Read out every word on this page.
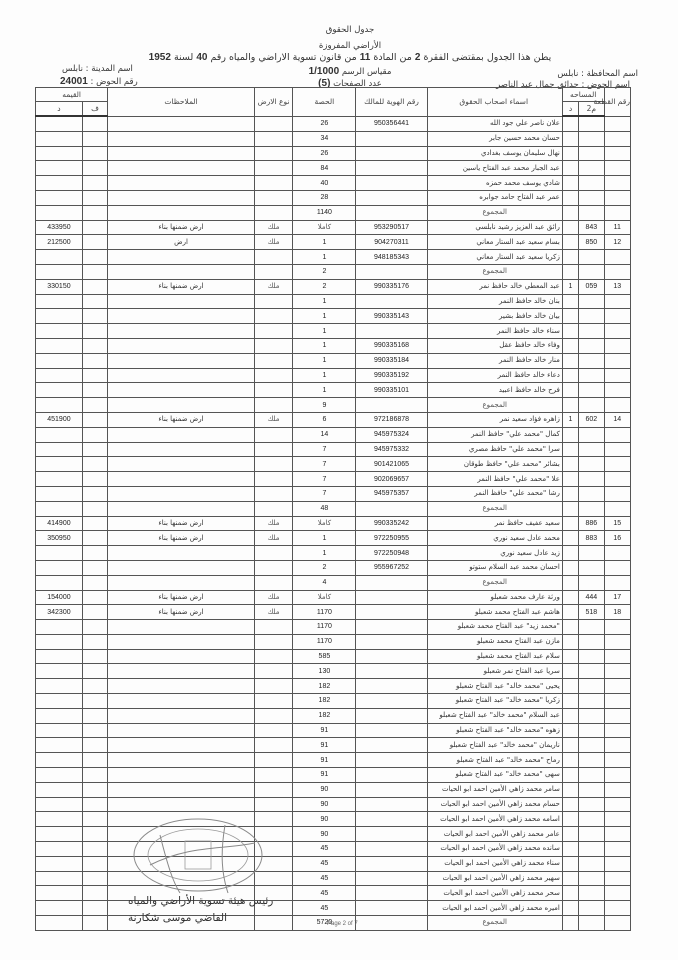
جدول الحقوق
الأراضي المفروزة
يطن هذا الجدول بمقتضى الفقرة 2 من المادة 11 من قانون تسوية الاراضي والمياه رقم 40 لسنة 1952
مقياس الرسم 1/1000
عدد الصفحات (5)
اسم المحافظة : نابلس
اسم الحوض : حدائق جمال عبد الناصر
اسم المدينة : نابلس
رقم الحوض : 24001
رقم القطعة	المساحه		اسماء اصحاب الحقوق	رقم الهوية للمالك	الحصة	نوع الارض	الملاحظات	القيمه	
	م2	د						ف	د
			علان ناصر علي جود الله	950356441	26				
			حسان محمد حسين جابر		34				
			نهال سليمان يوسف بغدادي		26				
			عبد الجبار محمد عبد الفتاح ياسين		84				
			شادي يوسف محمد حمزه		40				
			عمر عبد الفتاح حامد جوابره		28				
			المجموع		1140				
11	843		رائق عبد العزيز رشيد نابلسي	953290517	كاملا	ملك	ارض ضمنها بناء		433950
12	850		بسام سعيد عبد الستار معاني	904270311	1	ملك	ارض		212500
			زكريا سعيد عبد الستار معاني	948185343	1				
			المجموع		2				
13	059	1	عبد المعطي خالد حافظ نمر	990335176	2	ملك	ارض ضمنها بناء		330150
			بنان خالد حافظ النمر		1				
			بيان خالد حافظ بشير	990335143	1				
			سناء خالد حافظ النمر		1				
			وفاء خالد حافظ عقل	990335168	1				
			منار خالد حافظ النمر	990335184	1				
			دعاء خالد حافظ النمر	990335192	1				
			فرح خالد حافظ اعبيد	990335101	1				
			المجموع		9				
14	602	1	زاهره فؤاد سعيد نمر	972186878	6	ملك	ارض ضمنها بناء		451900
			كمال "محمد علي" حافظ النمر	945975324	14				
			سرا "محمد علي" حافظ مصري	945975332	7				
			بشائر "محمد علي" حافظ طوقان	901421065	7				
			علا "محمد علي" حافظ النمر	902069657	7				
			رشا "محمد علي" حافظ النمر	945975357	7				
			المجموع		48				
15	886		سعيد عفيف حافظ نمر	990335242	كاملا	ملك	ارض ضمنها بناء		414900
16	883		محمد عادل سعيد نوري	972250955	1	ملك	ارض ضمنها بناء		350950
			زيد عادل سعيد نوري	972250948	1				
			احسان محمد عبد السلام ستوتو	955967252	2				
			المجموع		4				
17	444		ورثة عارف محمد شعبلو		كاملا	ملك	ارض ضمنها بناء		154000
18	518		هاشم عبد الفتاح محمد شعبلو		1170	ملك	ارض ضمنها بناء		342300
			"محمد زيد" عبد الفتاح محمد شعبلو		1170				
			مازن عبد الفتاح محمد شعبلو		1170				
			سلام عبد الفتاح محمد شعبلو		585				
			سريا عبد الفتاح نمر شعبلو		130				
			يحيى "محمد خالد" عبد الفتاح شعبلو		182				
			زكريا "محمد خالد" عبد الفتاح شعبلو		182				
			عبد السلام "محمد خالد" عبد الفتاح شعبلو		182				
			زهوه "محمد خالد" عبد الفتاح شعبلو		91				
			ناريمان "محمد خالد" عبد الفتاح شعبلو		91				
			رماح "محمد خالد" عبد الفتاح شعبلو		91				
			سهى "محمد خالد" عبد الفتاح شعبلو		91				
			سامر محمد زاهي الأمين احمد ابو الحيات		90				
			حسام محمد زاهي الأمين احمد ابو الحيات		90				
			اسامه محمد زاهي الأمين احمد ابو الحيات		90				
			عامر محمد زاهي الأمين احمد ابو الحيات		90				
			سانده محمد زاهي الأمين احمد ابو الحيات		45				
			سناء محمد زاهي الأمين احمد ابو الحيات		45				
			سهير محمد زاهي الأمين احمد ابو الحيات		45				
			سحر محمد زاهي الأمين احمد ابو الحيات		45				
			اميره محمد زاهي الأمين احمد ابو الحيات		45				
			المجموع		5720				
رئيس هيئة تسوية الأراضي والمياه
القاضي موسى شكارنة	Page 2 of 7
